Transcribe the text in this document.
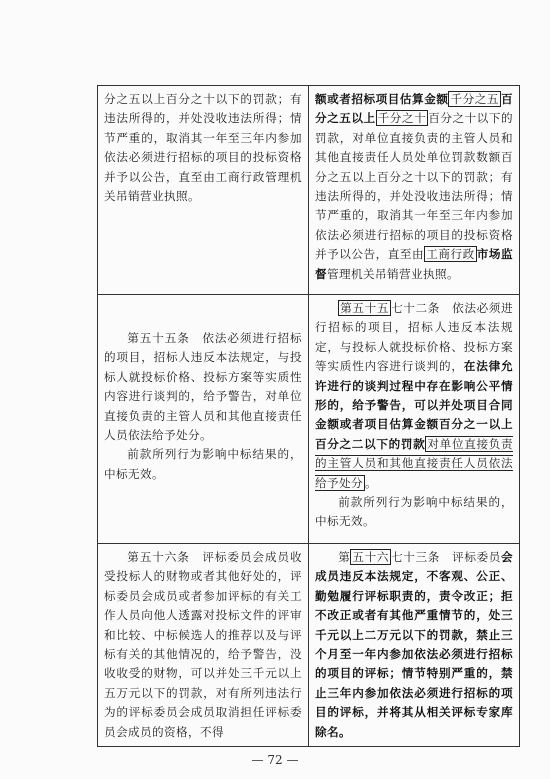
分之五以上百分之十以下的罚款；有违法所得的，并处没收违法所得；情节严重的，取消其一年至三年内参加依法必须进行招标的项目的投标资格并予以公告，直至由工商行政管理机关吊销营业执照。	额或者招标项目估算金额 千分之五 百分之五以上 千分之十 百分之十以下的罚款，对单位直接负责的主管人员和其他直接责任人员处单位罚款数额百分之五以上百分之十以下的罚款；有违法所得的，并处没收违法所得；情节严重的，取消其一年至三年内参加依法必须进行招标的项目的投标资格并予以公告，直至由 工商行政 市场监督管理机关吊销营业执照。

第五十五条　依法必须进行招标的项目，招标人违反本法规定，与投标人就投标价格、投标方案等实质性内容进行谈判的，给予警告，对单位直接负责的主管人员和其他直接责任人员依法给予处分。
前款所列行为影响中标结果的，中标无效。	第五十五 七十二条　依法必须进行招标的项目，招标人违反本法规定，与投标人就投标价格、投标方案等实质性内容进行谈判的，在法律允许进行的谈判过程中存在影响公平情形的，给予警告，可以并处项目合同金额或者项目估算金额百分之一以上百分之二以下的罚款 对单位直接负责的主管人员和其他直接责任人员依法给予处分 。
前款所列行为影响中标结果的，中标无效。

第五十六条　评标委员会成员收受投标人的财物或者其他好处的，评标委员会成员或者参加评标的有关工作人员向他人透露对投标文件的评审和比较、中标候选人的推荐以及与评标有关的其他情况的，给予警告，没收收受的财物，可以并处三千元以上五万元以下的罚款，对有所列违法行为的评标委员会成员取消担任评标委员会成员的资格，不得	第 五十六 七十三条　评标委员会成员违反本法规定，不客观、公正、勤勉履行评标职责的，责令改正；拒不改正或者有其他严重情节的，处三千元以上二万元以下的罚款，禁止三个月至一年内参加依法必须进行招标的项目的评标；情节特别严重的，禁止三年内参加依法必须进行招标的项目的评标，并将其从相关评标专家库除名。
— 72 —
